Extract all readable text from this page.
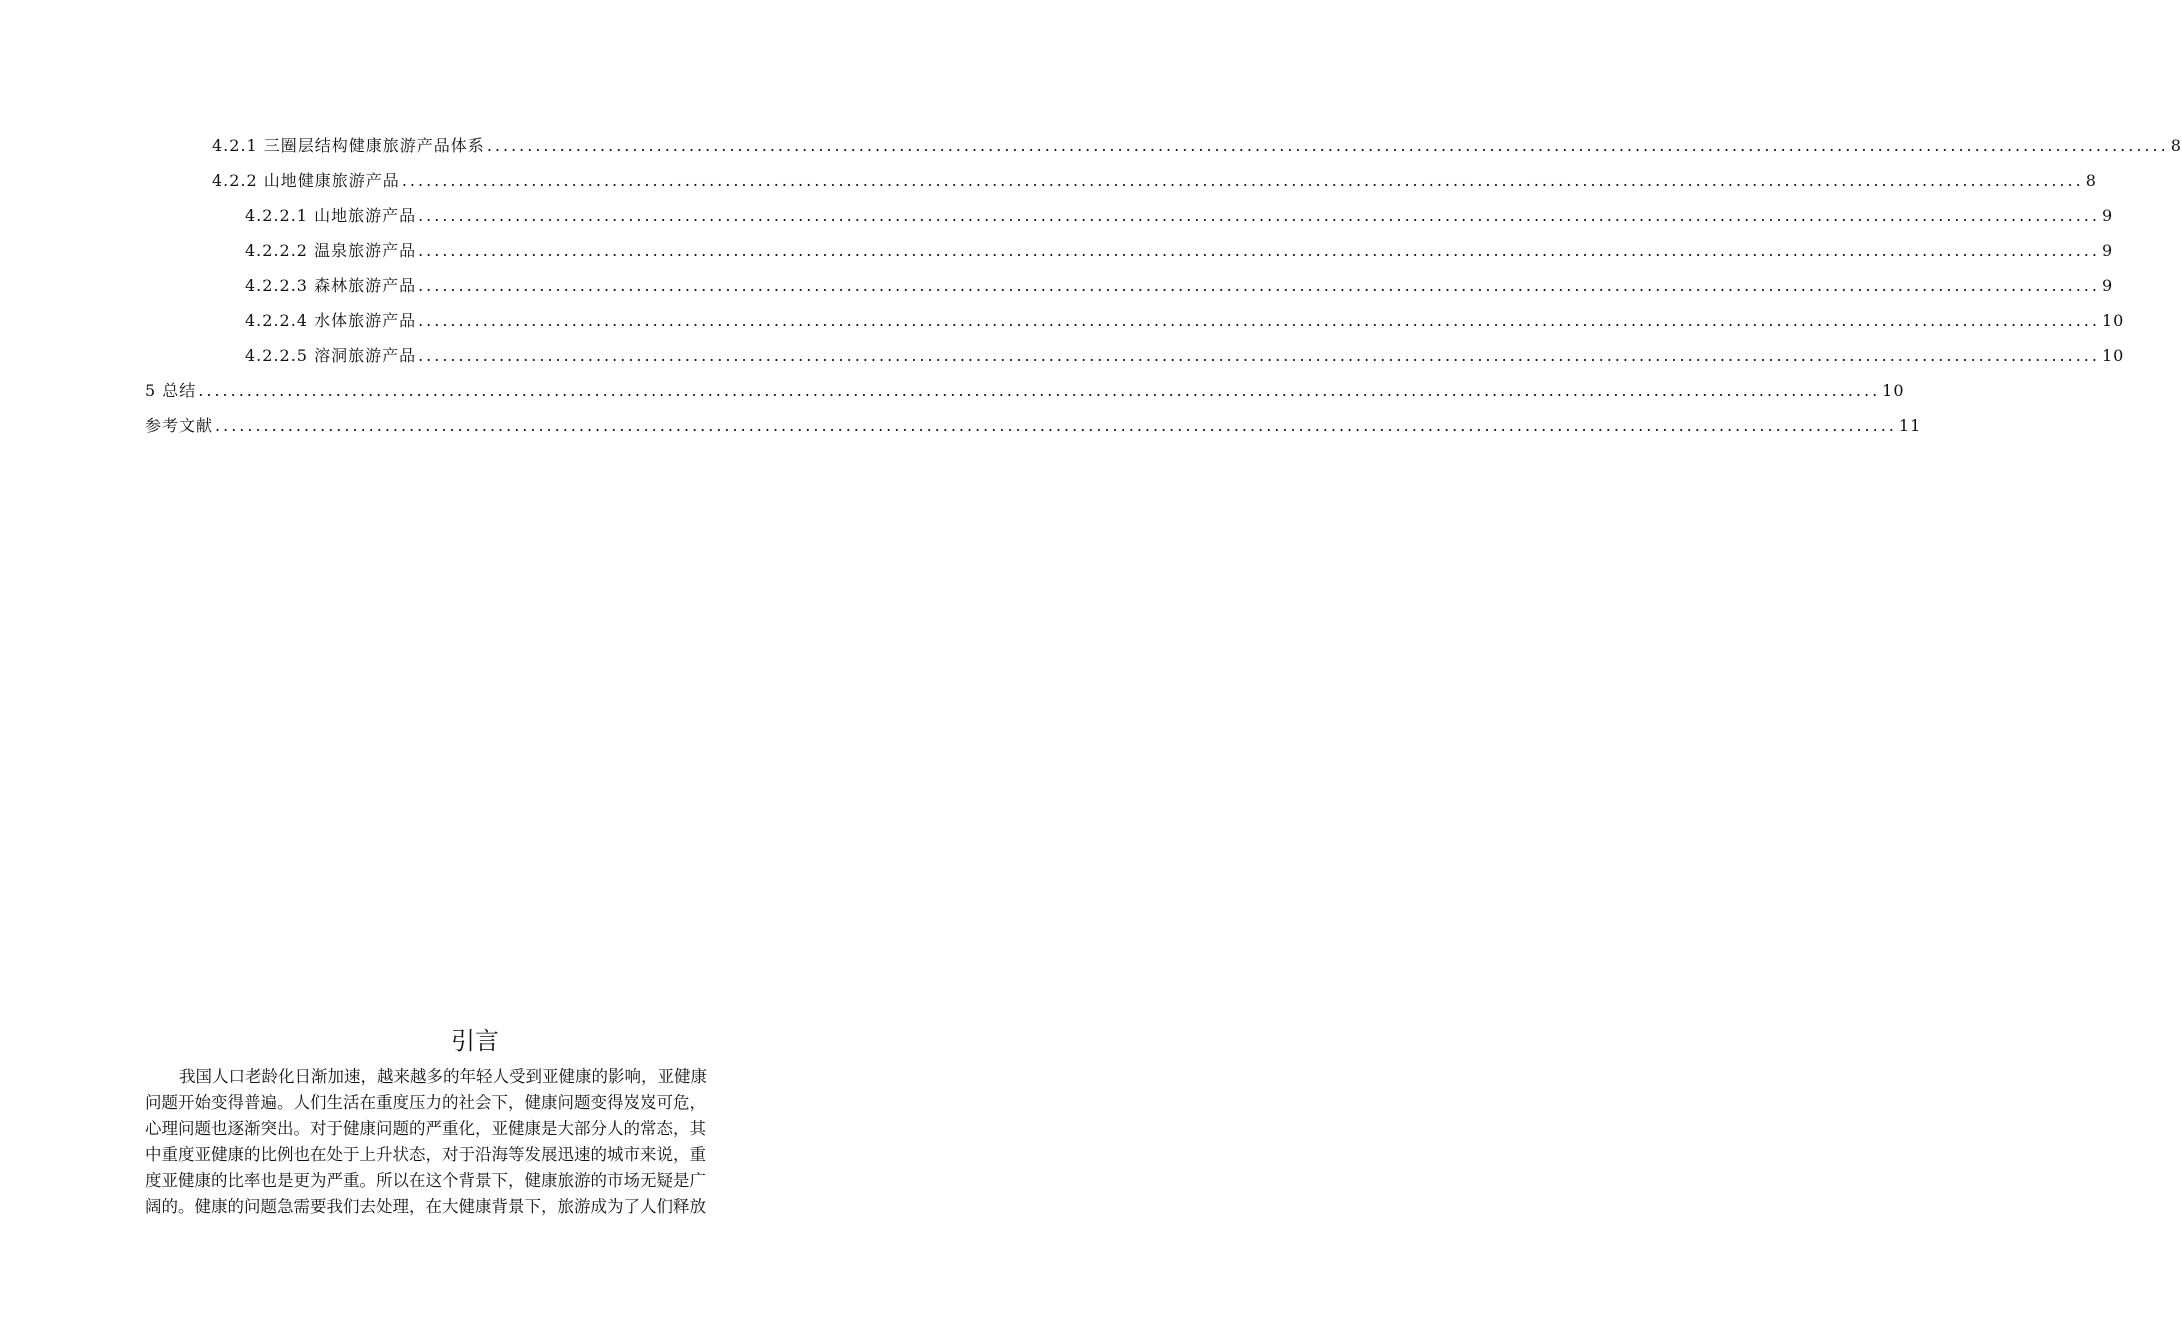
4.2.1 三圈层结构健康旅游产品体系 ................................................................................................................................................................................................................ 8
4.2.2 山地健康旅游产品 ................................................................................................................................................................................................................ 8
4.2.2.1 山地旅游产品 ................................................................................................................................................................................................................ 9
4.2.2.2 温泉旅游产品 ................................................................................................................................................................................................................ 9
4.2.2.3 森林旅游产品 ................................................................................................................................................................................................................ 9
4.2.2.4 水体旅游产品 ................................................................................................................................................................................................................ 10
4.2.2.5 溶洞旅游产品 ................................................................................................................................................................................................................ 10
5 总结 ................................................................................................................................................................................................................ 10
参考文献 ................................................................................................................................................................................................................ 11
引言
我国人口老龄化日渐加速，越来越多的年轻人受到亚健康的影响，亚健康
问题开始变得普遍。人们生活在重度压力的社会下，健康问题变得岌岌可危，
心理问题也逐渐突出。对于健康问题的严重化，亚健康是大部分人的常态，其
中重度亚健康的比例也在处于上升状态，对于沿海等发展迅速的城市来说，重
度亚健康的比率也是更为严重。所以在这个背景下，健康旅游的市场无疑是广
阔的。健康的问题急需要我们去处理，在大健康背景下，旅游成为了人们释放
